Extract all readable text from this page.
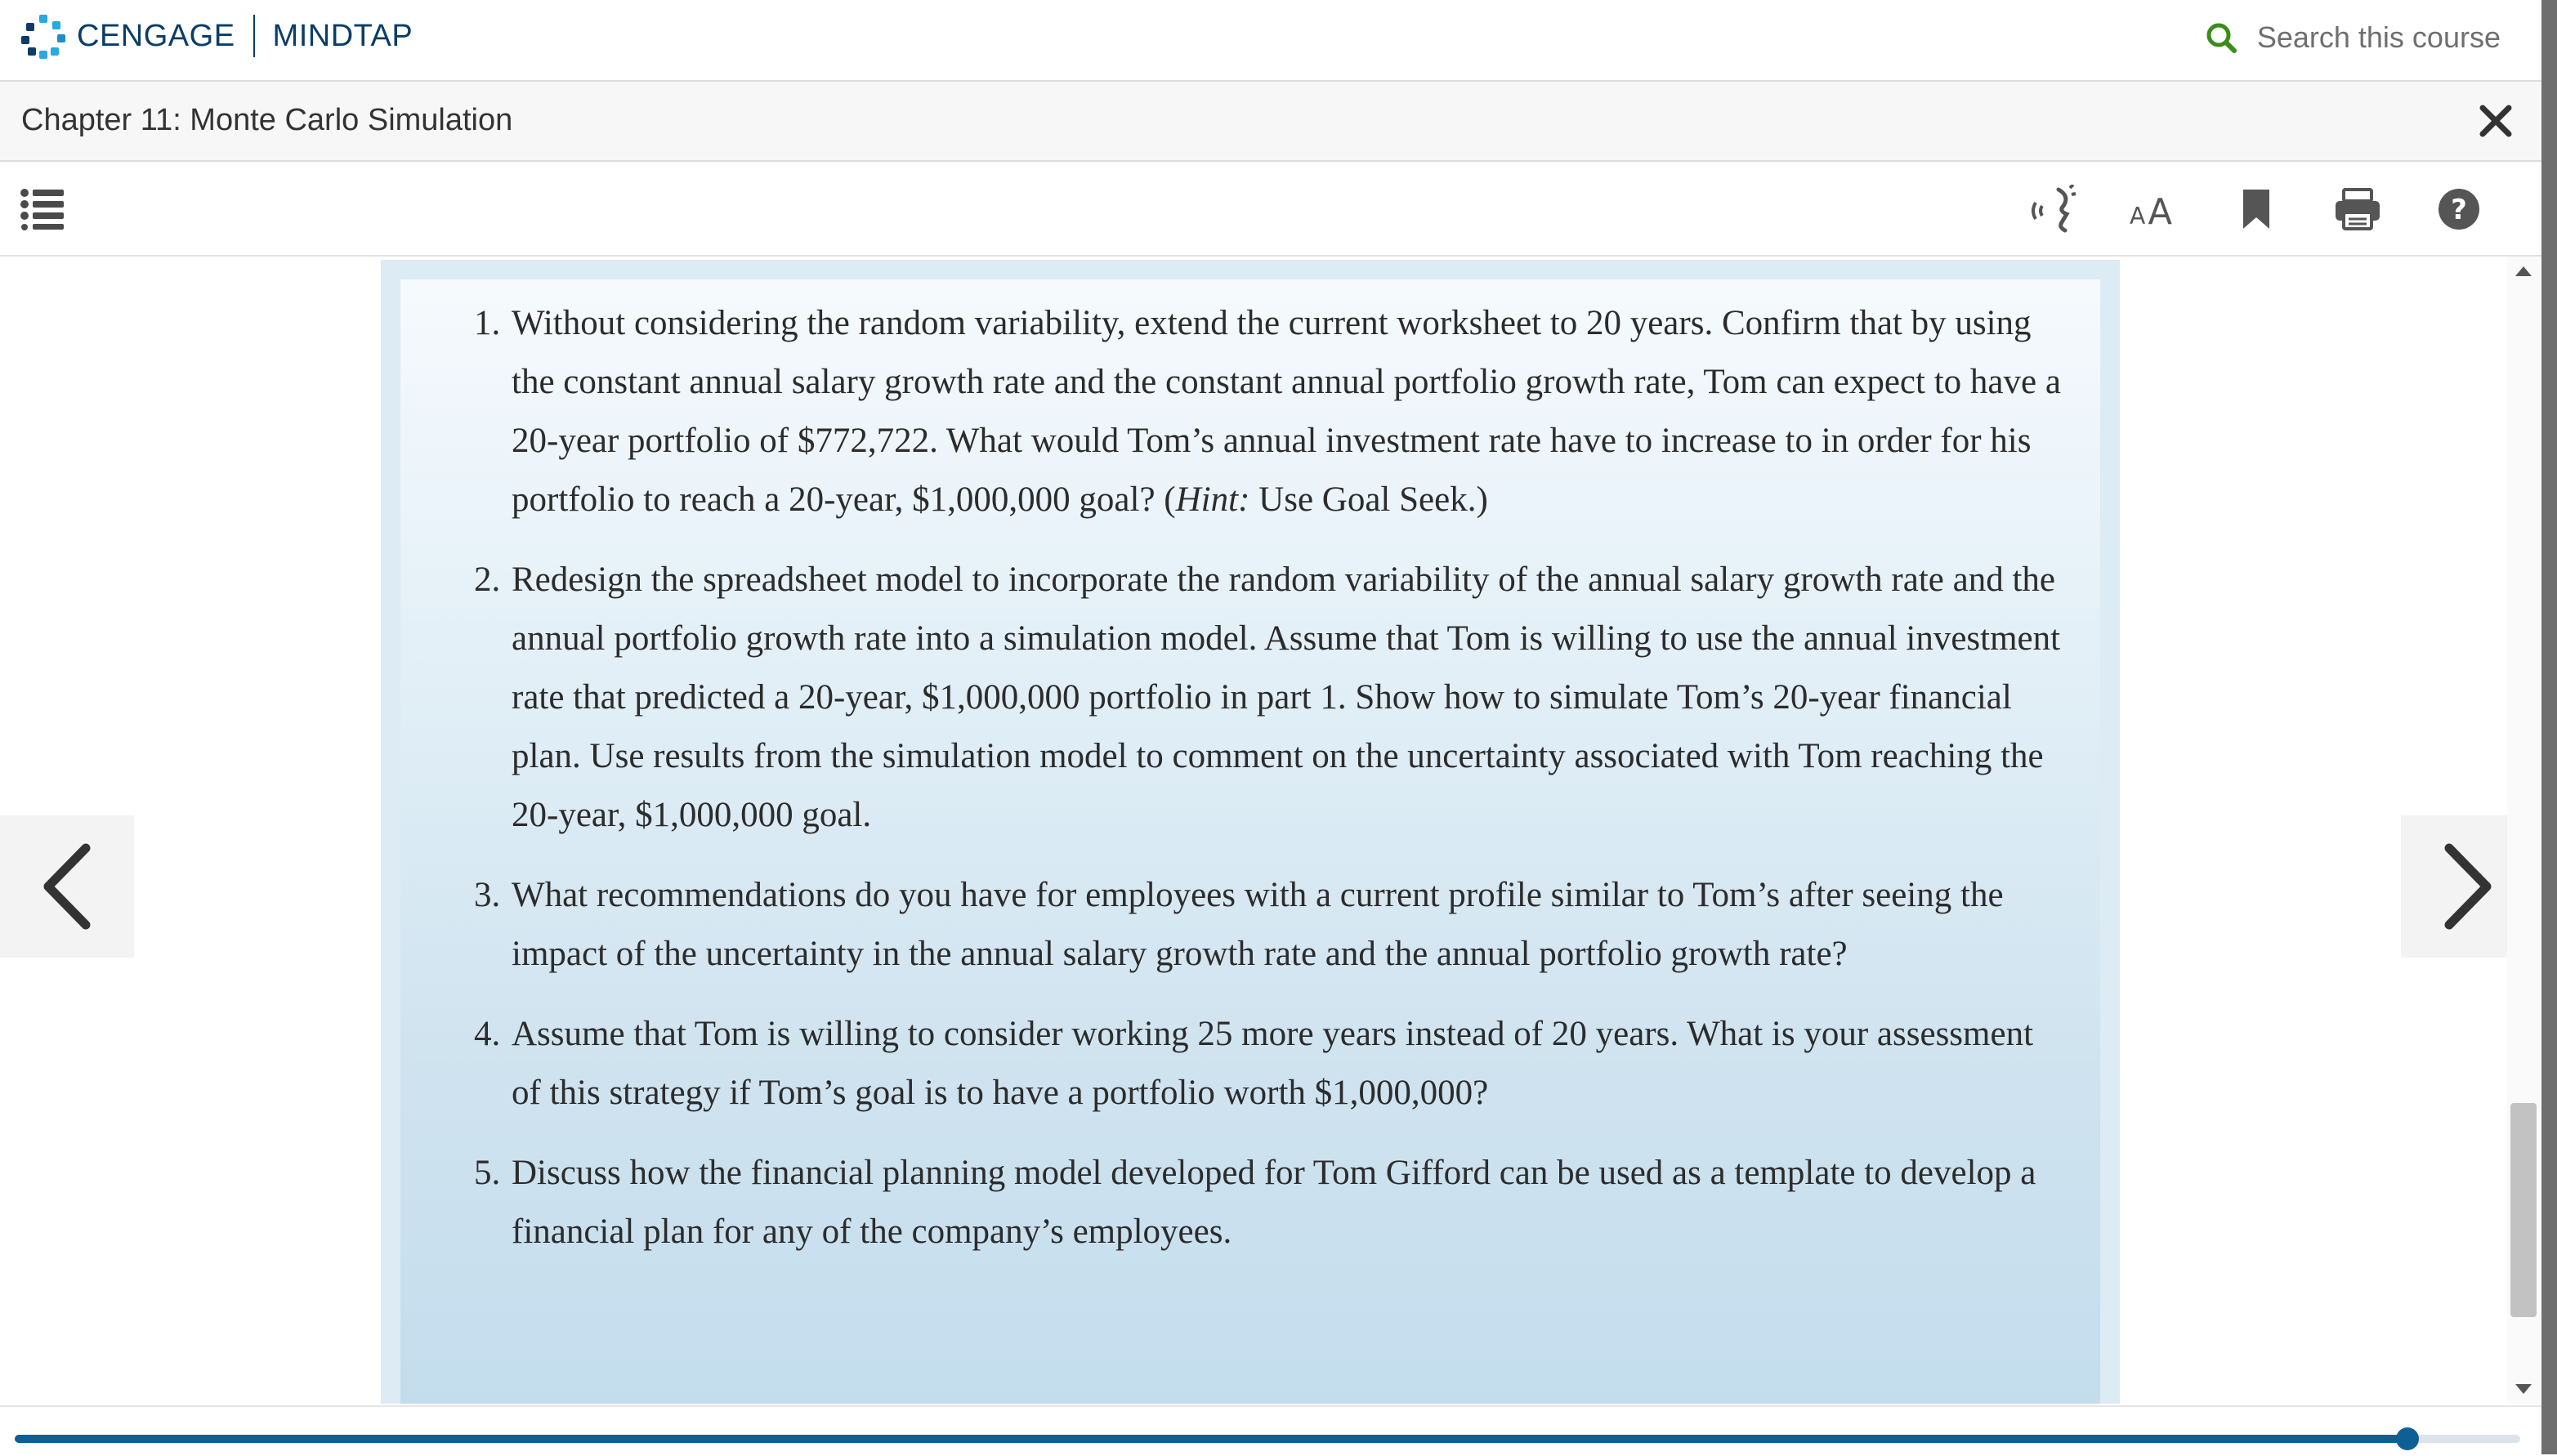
CENGAGE MINDTAP	Search this course
Chapter 11: Monte Carlo Simulation
A A	?
1. Without considering the random variability, extend the current worksheet to 20 years. Confirm that by using the constant annual salary growth rate and the constant annual portfolio growth rate, Tom can expect to have a 20-year portfolio of $772,722. What would Tom’s annual investment rate have to increase to in order for his portfolio to reach a 20-year, $1,000,000 goal? (Hint: Use Goal Seek.)
2. Redesign the spreadsheet model to incorporate the random variability of the annual salary growth rate and the annual portfolio growth rate into a simulation model. Assume that Tom is willing to use the annual investment rate that predicted a 20-year, $1,000,000 portfolio in part 1. Show how to simulate Tom’s 20-year financial plan. Use results from the simulation model to comment on the uncertainty associated with Tom reaching the 20-year, $1,000,000 goal.
3. What recommendations do you have for employees with a current profile similar to Tom’s after seeing the impact of the uncertainty in the annual salary growth rate and the annual portfolio growth rate?
4. Assume that Tom is willing to consider working 25 more years instead of 20 years. What is your assessment of this strategy if Tom’s goal is to have a portfolio worth $1,000,000?
5. Discuss how the financial planning model developed for Tom Gifford can be used as a template to develop a financial plan for any of the company’s employees.
